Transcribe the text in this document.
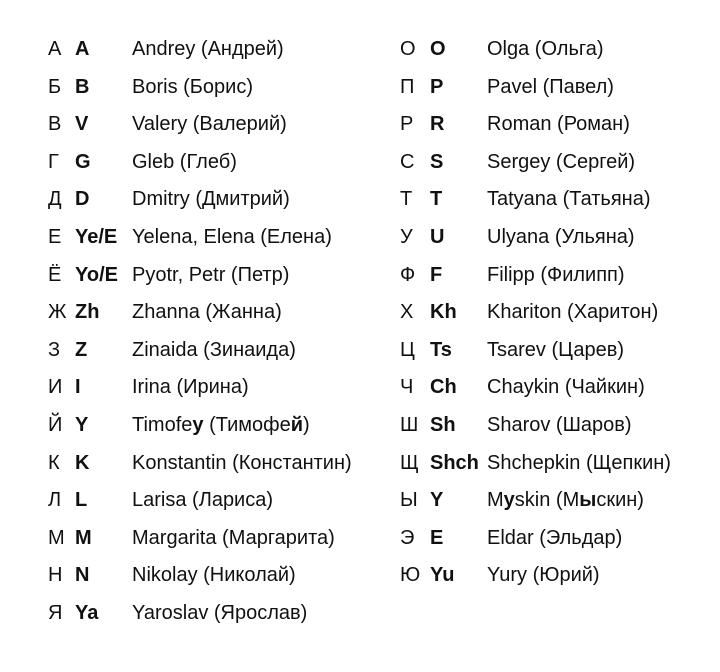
А A Andrey (Андрей)
Б B Boris (Борис)
В V Valery (Валерий)
Г G Gleb (Глеб)
Д D Dmitry (Дмитрий)
Е Ye/E Yelena, Elena (Елена)
Ё Yo/E Pyotr, Petr (Петр)
Ж Zh Zhanna (Жанна)
З Z Zinaida (Зинаида)
И I	Irina (Ирина)
Й Y Timofey (Тимофей)
К K Konstantin (Константин)
Л L Larisa (Лариса)
М M Margarita (Маргарита)
Н N Nikolay (Николай)
Я Ya Yaroslav (Ярослав)
О O Olga (Ольга)
П P Pavel (Павел)
Р R Roman (Роман)
С S Sergey (Сергей)
Т T Tatyana (Татьяна)
У U Ulyana (Ульяна)
Ф F Filipp (Филипп)
Х Kh Khariton (Харитон)
Ц Ts Tsarev (Царев)
Ч Ch Chaykin (Чайкин)
Ш Sh Sharov (Шаров)
Щ Shch Shchepkin (Щепкин)
Ы Y Myskin (Мыскин)
Э E Eldar (Эльдар)
Ю Yu Yury (Юрий)
